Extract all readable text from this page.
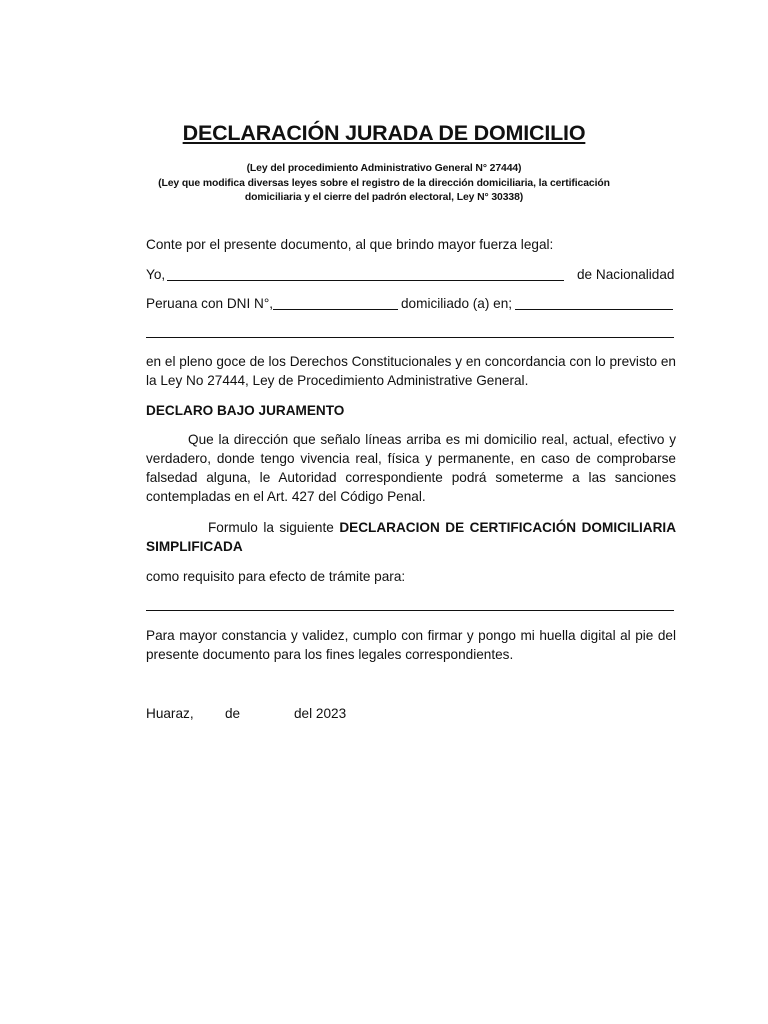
DECLARACIÓN JURADA DE DOMICILIO
(Ley del procedimiento Administrativo General N° 27444)
(Ley que modifica diversas leyes sobre el registro de la dirección domiciliaria, la certificación domiciliaria y el cierre del padrón electoral, Ley N° 30338)
Conte por el presente documento, al que brindo mayor fuerza legal:
Yo,	de Nacionalidad
Peruana con DNI N°,	domiciliado (a) en;
en el pleno goce de los Derechos Constitucionales y en concordancia con lo previsto en la Ley No 27444, Ley de Procedimiento Administrative General.
DECLARO BAJO JURAMENTO
Que la dirección que señalo líneas arriba es mi domicilio real, actual, efectivo y verdadero, donde tengo vivencia real, física y permanente, en caso de comprobarse falsedad alguna, le Autoridad correspondiente podrá someterme a las sanciones contempladas en el Art. 427 del Código Penal.
Formulo la siguiente DECLARACION DE CERTIFICACIÓN DOMICILIARIA SIMPLIFICADA
como requisito para efecto de trámite para:
Para mayor constancia y validez, cumplo con firmar y pongo mi huella digital al pie del presente documento para los fines legales correspondientes.
Huaraz, de	del 2023
